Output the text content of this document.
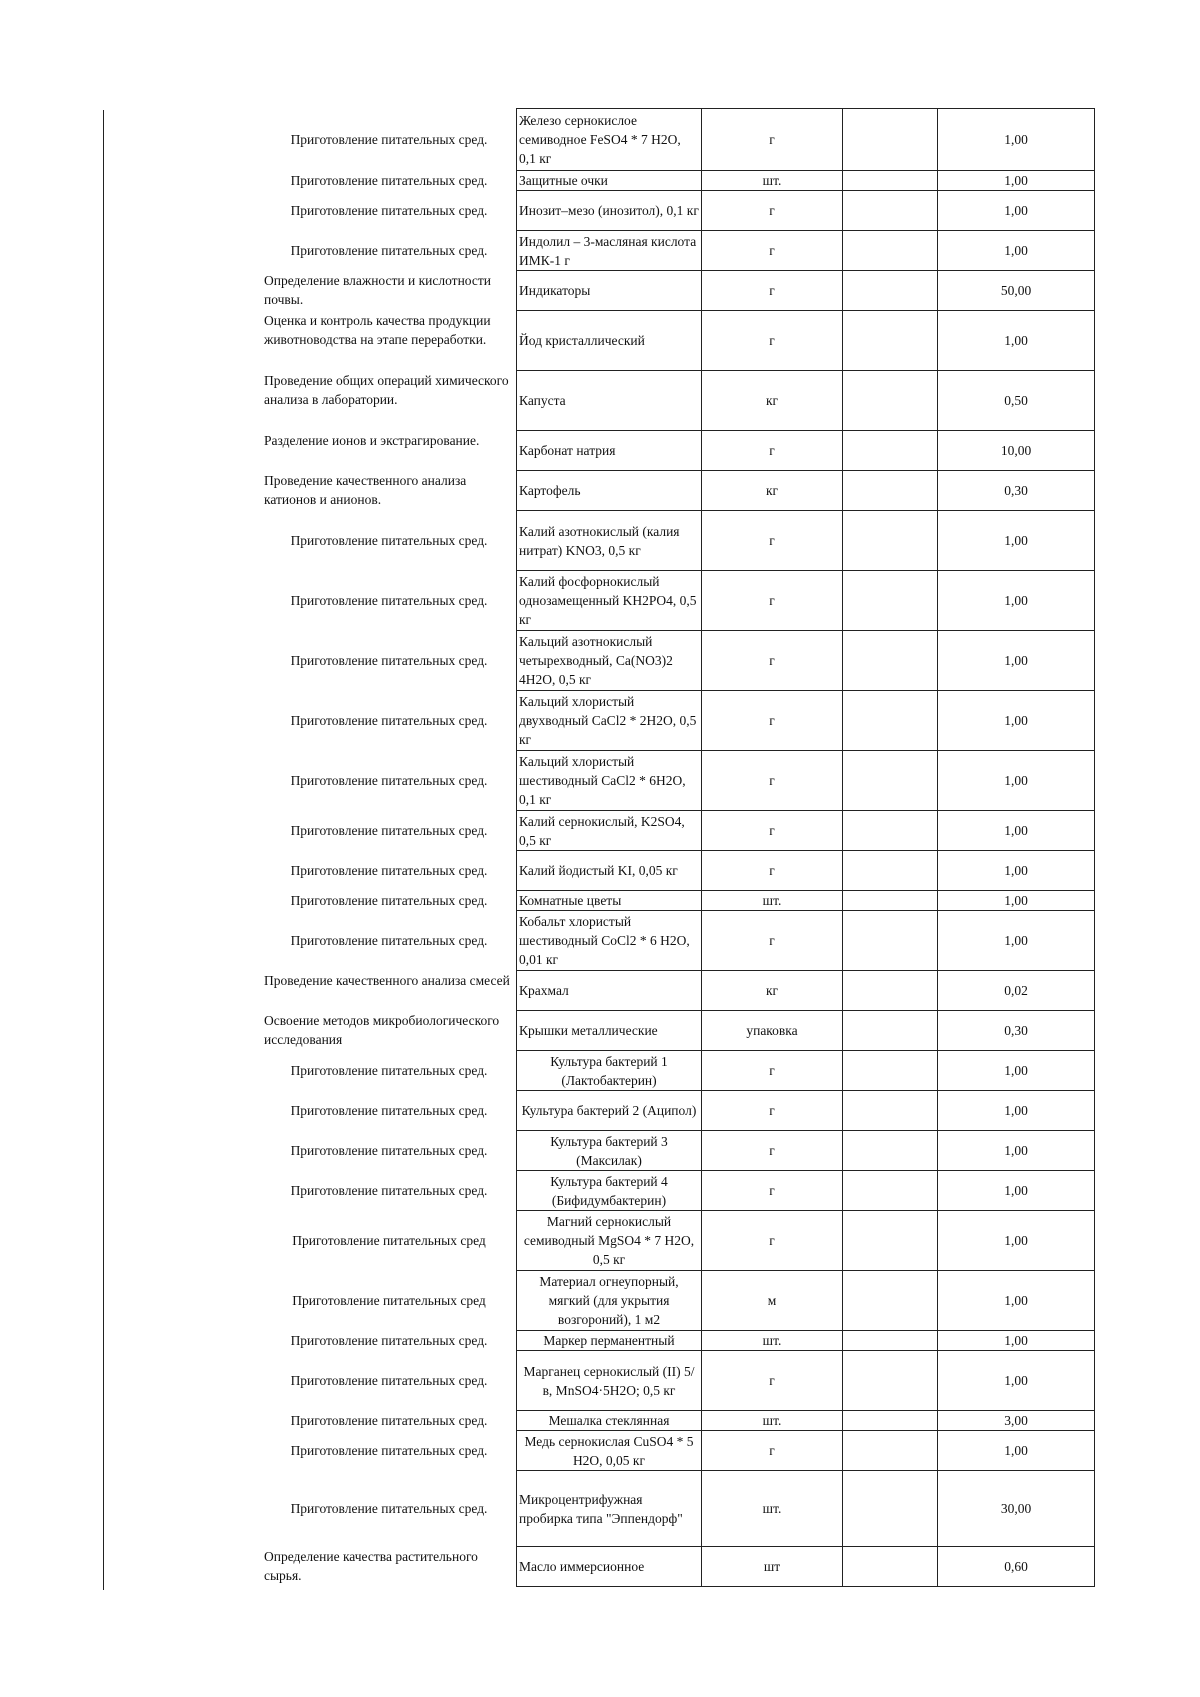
Приготовление питательных сред.	Железо сернокислое семиводное FeSO4 * 7 H2O, 0,1 кг	г		1,00
Приготовление питательных сред.	Защитные очки	шт.		1,00
Приготовление питательных сред.	Инозит–мезо (инозитол), 0,1 кг	г		1,00
Приготовление питательных сред.	Индолил – 3-масляная кислота ИМК-1 г	г		1,00
Определение влажности и кислотности почвы.	Индикаторы	г		50,00
Оценка и контроль качества продукции животноводства на этапе переработки.	Йод кристаллический	г		1,00
Проведение общих операций химического анализа в лаборатории.	Капуста	кг		0,50
Разделение ионов и экстрагирование.	Карбонат натрия	г		10,00
Проведение качественного анализа катионов и анионов.	Картофель	кг		0,30
Приготовление питательных сред.	Калий азотнокислый (калия нитрат) KNO3, 0,5 кг	г		1,00
Приготовление питательных сред.	Калий фосфорнокислый однозамещенный KH2PO4, 0,5 кг	г		1,00
Приготовление питательных сред.	Кальций азотнокислый четырехводный, Ca(NO3)2 4H2O, 0,5 кг	г		1,00
Приготовление питательных сред.	Кальций хлористый двухводный CaCl2 * 2H2O, 0,5 кг	г		1,00
Приготовление питательных сред.	Кальций хлористый шестиводный CaCl2 * 6H2O, 0,1 кг	г		1,00
Приготовление питательных сред.	Калий сернокислый, K2SO4, 0,5 кг	г		1,00
Приготовление питательных сред.	Калий йодистый KI, 0,05 кг	г		1,00
Приготовление питательных сред.	Комнатные цветы	шт.		1,00
Приготовление питательных сред.	Кобальт хлористый шестиводный CoCl2 * 6 H2O, 0,01 кг	г		1,00
Проведение качественного анализа смесей	Крахмал	кг		0,02
Освоение методов микробиологического исследования	Крышки металлические	упаковка		0,30
Приготовление питательных сред.	Культура бактерий 1 (Лактобактерин)	г		1,00
Приготовление питательных сред.	Культура бактерий 2 (Аципол)	г		1,00
Приготовление питательных сред.	Культура бактерий 3 (Максилак)	г		1,00
Приготовление питательных сред.	Культура бактерий 4 (Бифидумбактерин)	г		1,00
Приготовление питательных сред	Магний сернокислый семиводный MgSO4 * 7 H2O, 0,5 кг	г		1,00
Приготовление питательных сред	Материал огнеупорный, мягкий (для укрытия возгороний), 1 м2	м		1,00
Приготовление питательных сред.	Маркер перманентный	шт.		1,00
Приготовление питательных сред.	Марганец сернокислый (II) 5/в, MnSO4·5H2O; 0,5 кг	г		1,00
Приготовление питательных сред.	Мешалка стеклянная	шт.		3,00
Приготовление питательных сред.	Медь сернокислая CuSO4 * 5 H2O, 0,05 кг	г		1,00
Приготовление питательных сред.	Микроцентрифужная пробирка типа "Эппендорф"	шт.		30,00
Определение качества растительного сырья.	Масло иммерсионное	шт		0,60
